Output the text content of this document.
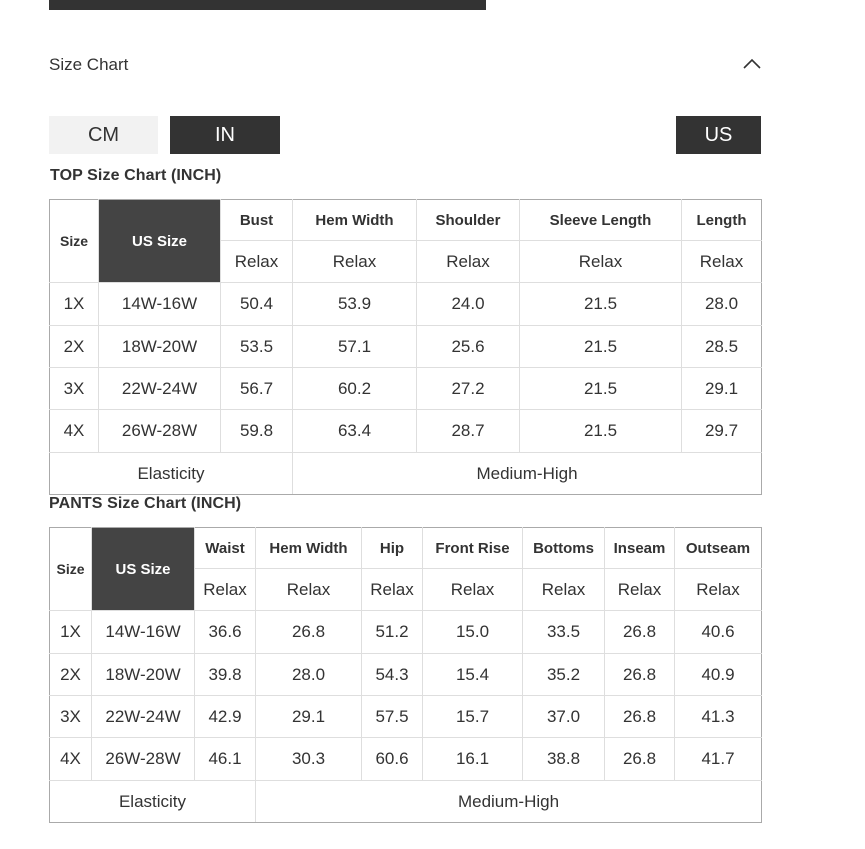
Size Chart
CM	IN	US
TOP Size Chart (INCH)
Size	US Size	Bust	Hem Width	Shoulder	Sleeve Length	Length
		Relax	Relax	Relax	Relax	Relax
1X	14W-16W	50.4	53.9	24.0	21.5	28.0
2X	18W-20W	53.5	57.1	25.6	21.5	28.5
3X	22W-24W	56.7	60.2	27.2	21.5	29.1
4X	26W-28W	59.8	63.4	28.7	21.5	29.7
Elasticity			Medium-High			
PANTS Size Chart (INCH)
Size	US Size	Waist	Hem Width	Hip	Front Rise	Bottoms	Inseam	Outseam
		Relax	Relax	Relax	Relax	Relax	Relax	Relax
1X	14W-16W	36.6	26.8	51.2	15.0	33.5	26.8	40.6
2X	18W-20W	39.8	28.0	54.3	15.4	35.2	26.8	40.9
3X	22W-24W	42.9	29.1	57.5	15.7	37.0	26.8	41.3
4X	26W-28W	46.1	30.3	60.6	16.1	38.8	26.8	41.7
Elasticity			Medium-High					
